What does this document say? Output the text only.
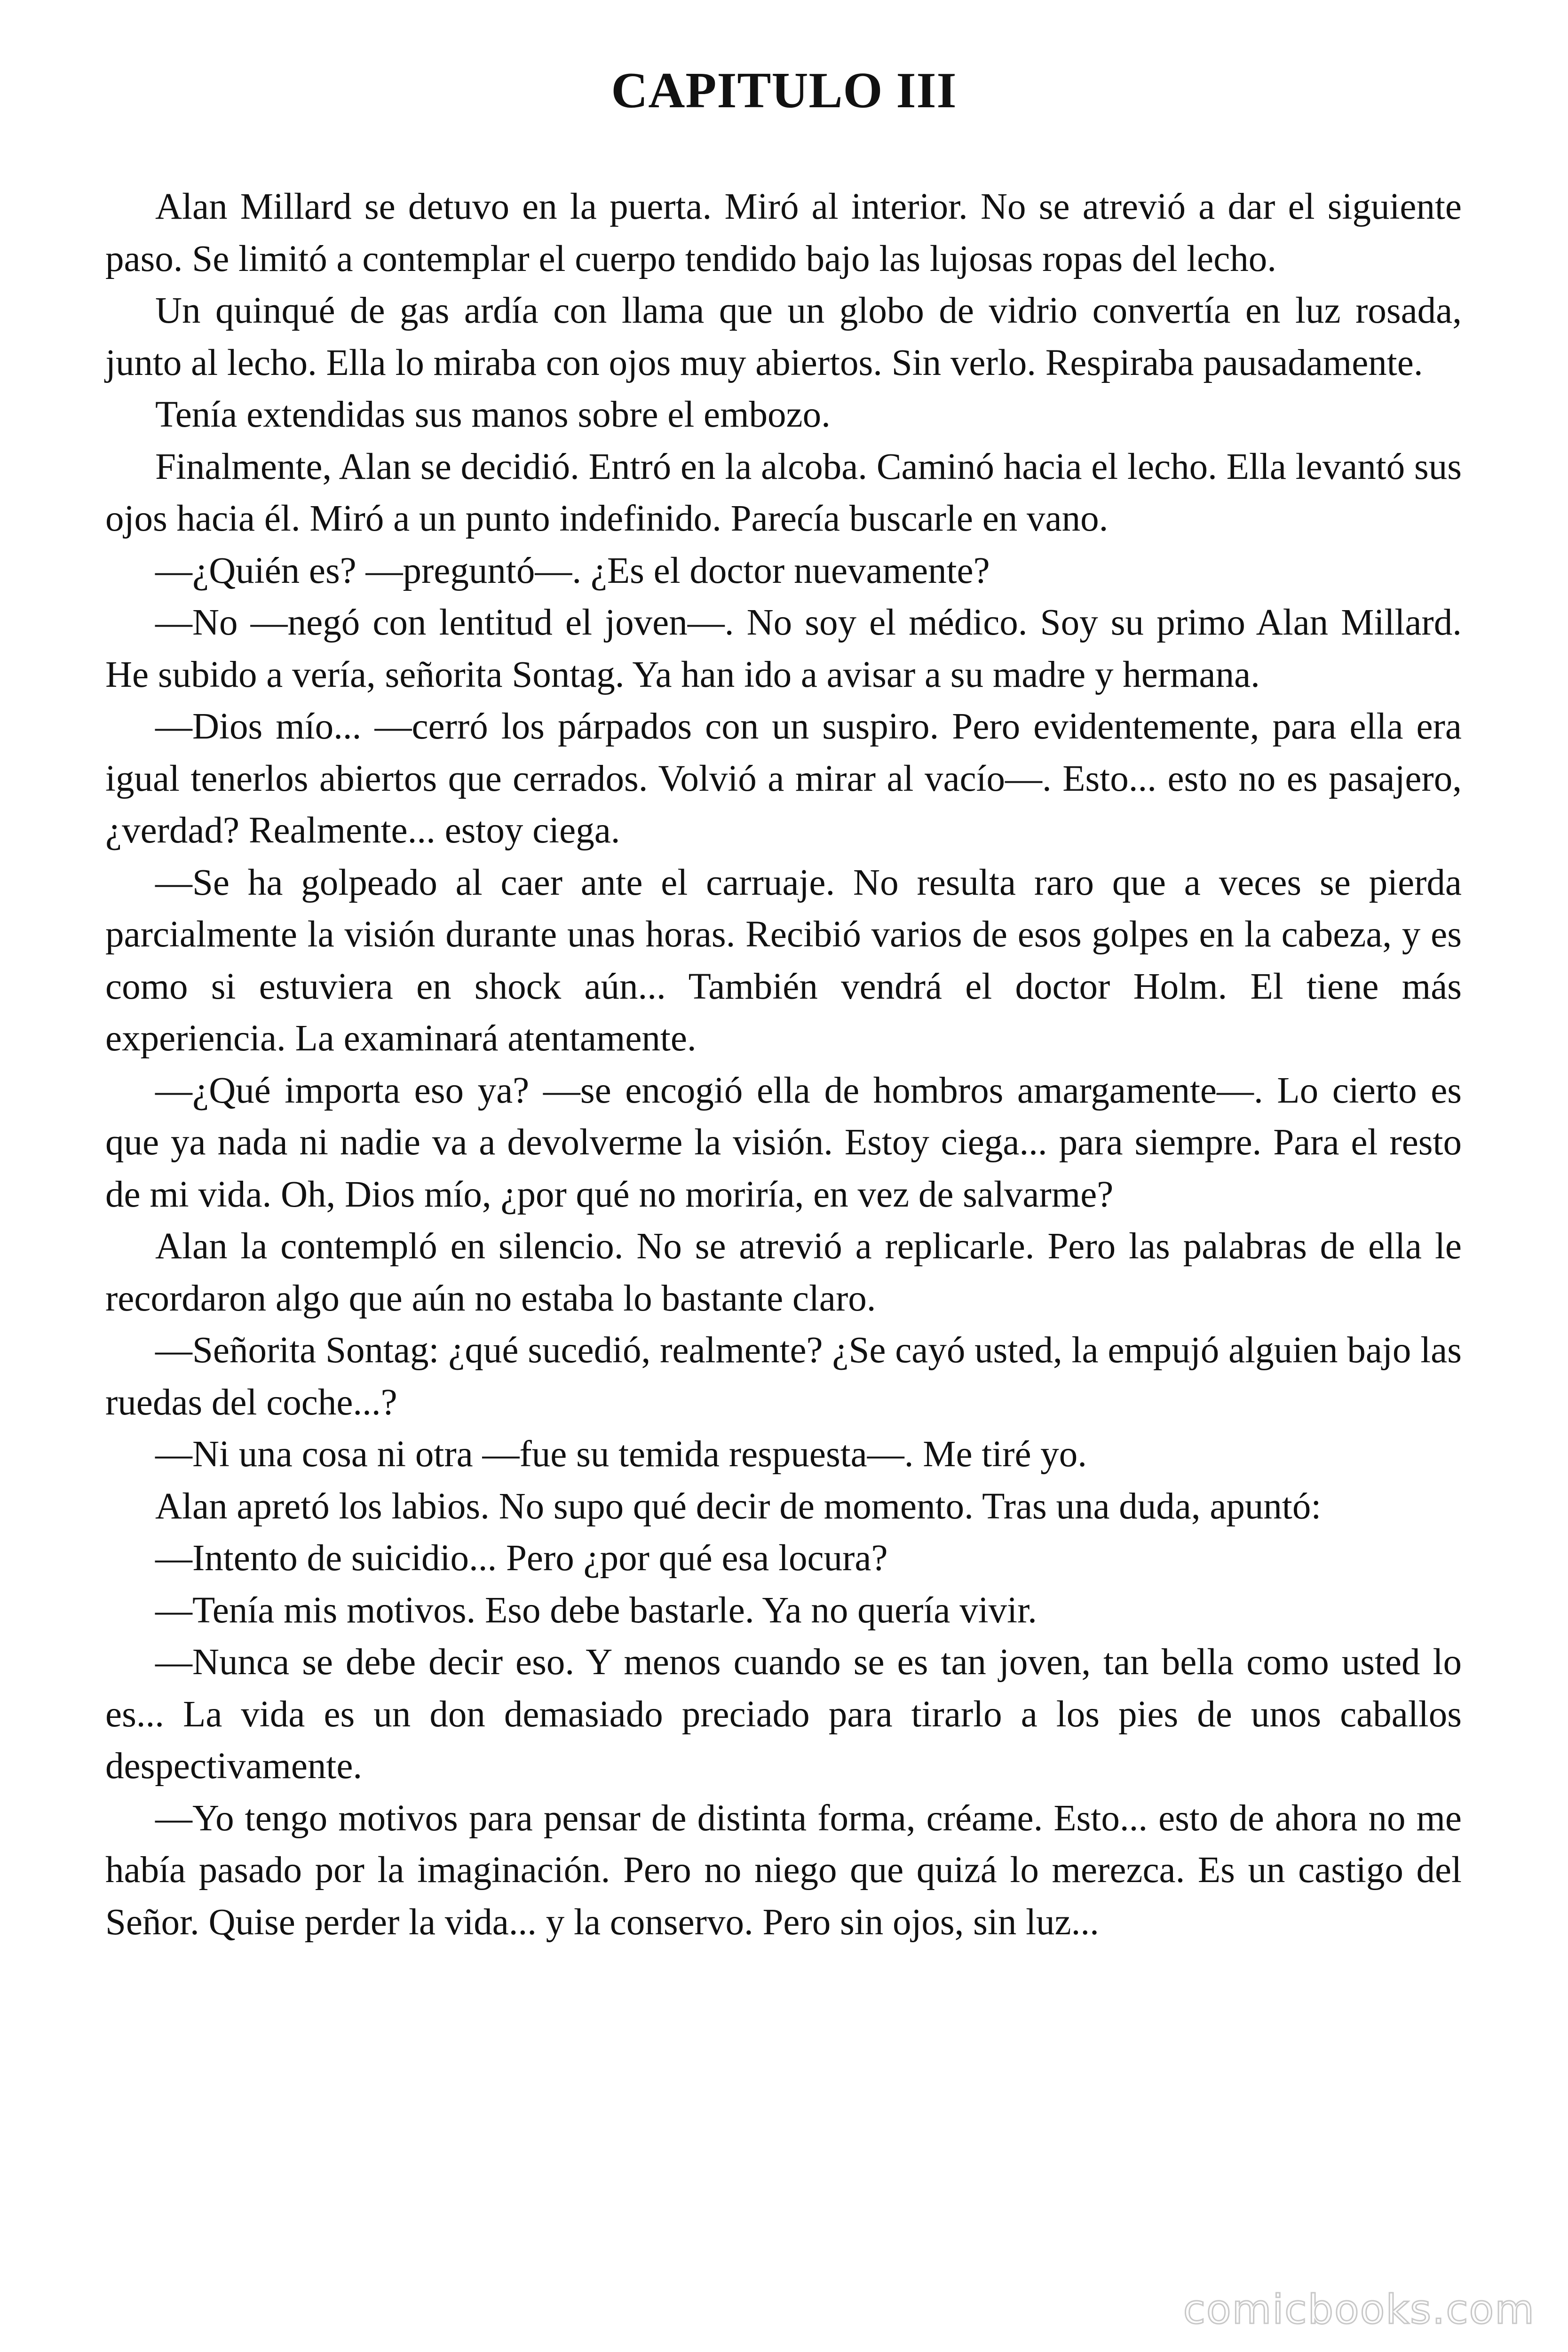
CAPITULO III

Alan Millard se detuvo en la puerta. Miró al interior. No se atrevió a dar el siguiente paso. Se limitó a contemplar el cuerpo tendido bajo las lujosas ropas del lecho.

Un quinqué de gas ardía con llama que un globo de vidrio convertía en luz rosada, junto al lecho. Ella lo miraba con ojos muy abiertos. Sin verlo. Respiraba pausadamente.

Tenía extendidas sus manos sobre el embozo.

Finalmente, Alan se decidió. Entró en la alcoba. Caminó hacia el lecho. Ella levantó sus ojos hacia él. Miró a un punto indefinido. Parecía buscarle en vano.

—¿Quién es? —preguntó—. ¿Es el doctor nuevamente?

—No —negó con lentitud el joven—. No soy el médico. Soy su primo Alan Millard. He subido a vería, señorita Sontag. Ya han ido a avisar a su madre y hermana.

—Dios mío... —cerró los párpados con un suspiro. Pero evidentemente, para ella era igual tenerlos abiertos que cerrados. Volvió a mirar al vacío—. Esto... esto no es pasajero, ¿verdad? Realmente... estoy ciega.

—Se ha golpeado al caer ante el carruaje. No resulta raro que a veces se pierda parcialmente la visión durante unas horas. Recibió varios de esos golpes en la cabeza, y es como si estuviera en shock aún... También vendrá el doctor Holm. El tiene más experiencia. La examinará atentamente.

—¿Qué importa eso ya? —se encogió ella de hombros amargamente—. Lo cierto es que ya nada ni nadie va a devolverme la visión. Estoy ciega... para siempre. Para el resto de mi vida. Oh, Dios mío, ¿por qué no moriría, en vez de salvarme?

Alan la contempló en silencio. No se atrevió a replicarle. Pero las palabras de ella le recordaron algo que aún no estaba lo bastante claro.

—Señorita Sontag: ¿qué sucedió, realmente? ¿Se cayó usted, la empujó alguien bajo las ruedas del coche...?

—Ni una cosa ni otra —fue su temida respuesta—. Me tiré yo.

Alan apretó los labios. No supo qué decir de momento. Tras una duda, apuntó:

—Intento de suicidio... Pero ¿por qué esa locura?

—Tenía mis motivos. Eso debe bastarle. Ya no quería vivir.

—Nunca se debe decir eso. Y menos cuando se es tan joven, tan bella como usted lo es... La vida es un don demasiado preciado para tirarlo a los pies de unos caballos despectivamente.

—Yo tengo motivos para pensar de distinta forma, créame. Esto... esto de ahora no me había pasado por la imaginación. Pero no niego que quizá lo merezca. Es un castigo del Señor. Quise perder la vida... y la conservo. Pero sin ojos, sin luz...

comicbooks.com
